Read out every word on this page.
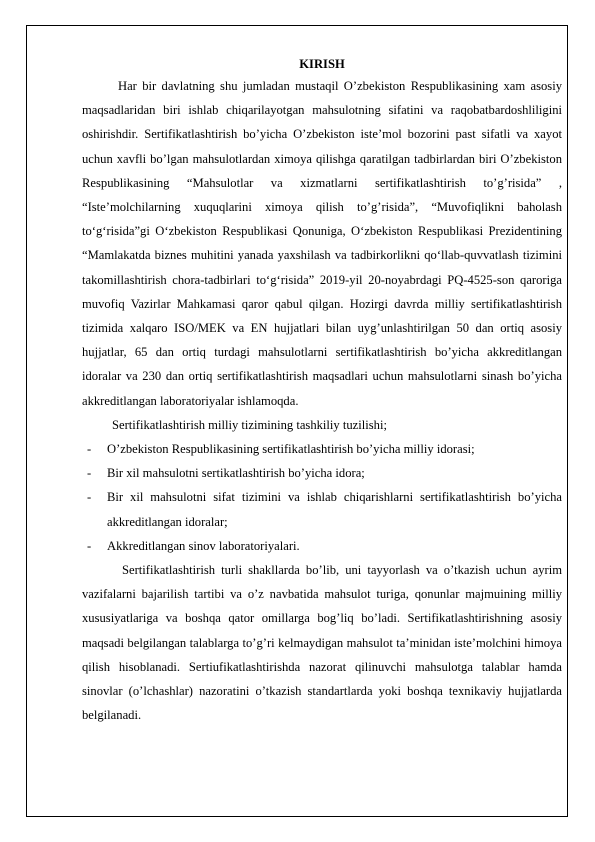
KIRISH

Har bir davlatning shu jumladan mustaqil O’zbekiston Respublikasining xam asosiy maqsadlaridan biri ishlab chiqarilayotgan mahsulotning sifatini va raqobatbardoshliligini oshirishdir. Sertifikatlashtirish bo’yicha O’zbekiston iste’mol bozorini past sifatli va xayot uchun xavfli bo’lgan mahsulotlardan ximoya qilishga qaratilgan tadbirlardan biri O’zbekiston Respublikasining “Mahsulotlar va xizmatlarni sertifikatlashtirish to’g’risida” , “Iste’molchilarning xuquqlarini ximoya qilish to’g’risida”, “Muvofiqlikni baholash to‘g‘risida”gi O‘zbekiston Respublikasi Qonuniga, O‘zbekiston Respublikasi Prezidentining “Mamlakatda biznes muhitini yanada yaxshilash va tadbirkorlikni qo‘llab-quvvatlash tizimini takomillashtirish chora-tadbirlari to‘g‘risida” 2019-yil 20-noyabrdagi PQ-4525-son qaroriga muvofiq Vazirlar Mahkamasi qaror qabul qilgan. Hozirgi davrda milliy sertifikatlashtirish tizimida xalqaro ISO/MEK va EN hujjatlari bilan uyg’unlashtirilgan 50 dan ortiq asosiy hujjatlar, 65 dan ortiq turdagi mahsulotlarni sertifikatlashtirish bo’yicha akkreditlangan idoralar va 230 dan ortiq sertifikatlashtirish maqsadlari uchun mahsulotlarni sinash bo’yicha akkreditlangan laboratoriyalar ishlamoqda.

Sertifikatlashtirish milliy tizimining tashkiliy tuzilishi;

- O’zbekiston Respublikasining sertifikatlashtirish bo’yicha milliy idorasi;
- Bir xil mahsulotni sertikatlashtirish bo’yicha idora;
- Bir xil mahsulotni sifat tizimini va ishlab chiqarishlarni sertifikatlashtirish bo’yicha akkreditlangan idoralar;
- Akkreditlangan sinov laboratoriyalari.

Sertifikatlashtirish turli shakllarda bo’lib, uni tayyorlash va o’tkazish uchun ayrim vazifalarni bajarilish tartibi va o’z navbatida mahsulot turiga, qonunlar majmuining milliy xususiyatlariga va boshqa qator omillarga bog’liq bo’ladi. Sertifikatlashtirishning asosiy maqsadi belgilangan talablarga to’g’ri kelmaydigan mahsulot ta’minidan iste’molchini himoya qilish hisoblanadi. Sertiufikatlashtirishda nazorat qilinuvchi mahsulotga talablar hamda sinovlar (o’lchashlar) nazoratini o’tkazish standartlarda yoki boshqa texnikaviy hujjatlarda belgilanadi.
